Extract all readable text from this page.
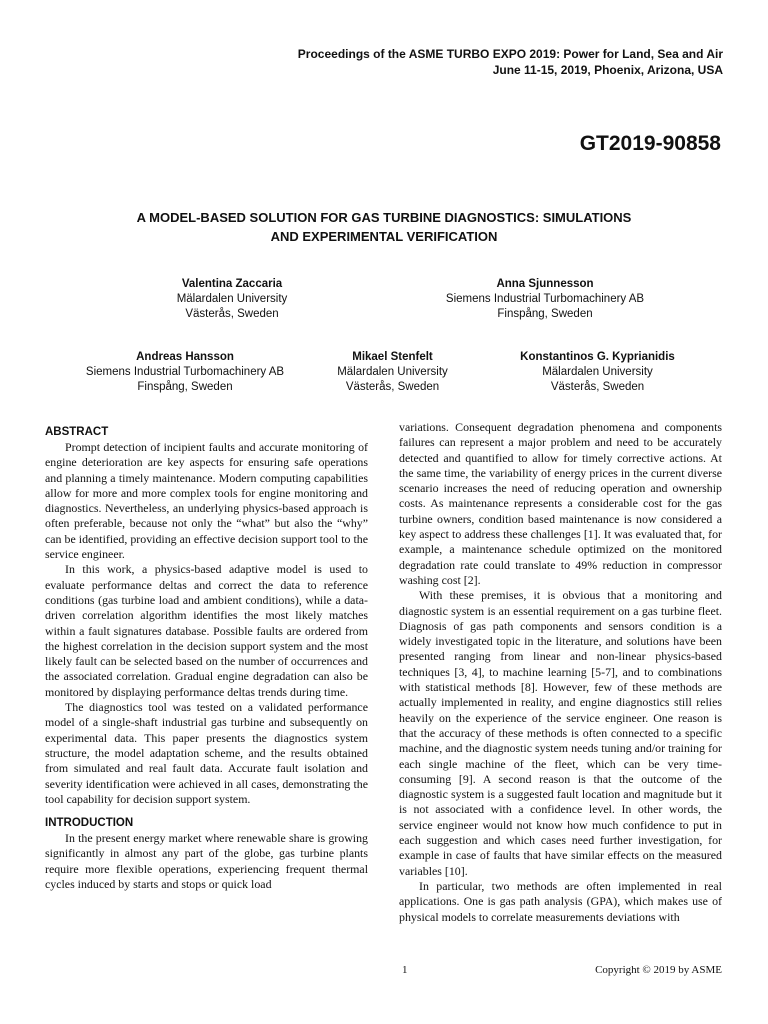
Proceedings of the ASME TURBO EXPO 2019: Power for Land, Sea and Air
June 11-15, 2019, Phoenix, Arizona, USA
GT2019-90858
A MODEL-BASED SOLUTION FOR GAS TURBINE DIAGNOSTICS: SIMULATIONS
AND EXPERIMENTAL VERIFICATION
Valentina Zaccaria
Mälardalen University
Västerås, Sweden
Anna Sjunnesson
Siemens Industrial Turbomachinery AB
Finspång, Sweden
Andreas Hansson
Siemens Industrial Turbomachinery AB
Finspång, Sweden
Mikael Stenfelt
Mälardalen University
Västerås, Sweden
Konstantinos G. Kyprianidis
Mälardalen University
Västerås, Sweden
ABSTRACT

Prompt detection of incipient faults and accurate monitoring of engine deterioration are key aspects for ensuring safe operations and planning a timely maintenance. Modern computing capabilities allow for more and more complex tools for engine monitoring and diagnostics. Nevertheless, an underlying physics-based approach is often preferable, because not only the “what” but also the “why” can be identified, providing an effective decision support tool to the service engineer.

In this work, a physics-based adaptive model is used to evaluate performance deltas and correct the data to reference conditions (gas turbine load and ambient conditions), while a data-driven correlation algorithm identifies the most likely matches within a fault signatures database. Possible faults are ordered from the highest correlation in the decision support system and the most likely fault can be selected based on the number of occurrences and the associated correlation. Gradual engine degradation can also be monitored by displaying performance deltas trends during time.

The diagnostics tool was tested on a validated performance model of a single-shaft industrial gas turbine and subsequently on experimental data. This paper presents the diagnostics system structure, the model adaptation scheme, and the results obtained from simulated and real fault data. Accurate fault isolation and severity identification were achieved in all cases, demonstrating the tool capability for decision support system.

INTRODUCTION

In the present energy market where renewable share is growing significantly in almost any part of the globe, gas turbine plants require more flexible operations, experiencing frequent thermal cycles induced by starts and stops or quick load

variations. Consequent degradation phenomena and components failures can represent a major problem and need to be accurately detected and quantified to allow for timely corrective actions. At the same time, the variability of energy prices in the current diverse scenario increases the need of reducing operation and ownership costs. As maintenance represents a considerable cost for the gas turbine owners, condition based maintenance is now considered a key aspect to address these challenges [1]. It was evaluated that, for example, a maintenance schedule optimized on the monitored degradation rate could translate to 49% reduction in compressor washing cost [2].

With these premises, it is obvious that a monitoring and diagnostic system is an essential requirement on a gas turbine fleet. Diagnosis of gas path components and sensors condition is a widely investigated topic in the literature, and solutions have been presented ranging from linear and non-linear physics-based techniques [3, 4], to machine learning [5-7], and to combinations with statistical methods [8]. However, few of these methods are actually implemented in reality, and engine diagnostics still relies heavily on the experience of the service engineer. One reason is that the accuracy of these methods is often connected to a specific machine, and the diagnostic system needs tuning and/or training for each single machine of the fleet, which can be very time-consuming [9]. A second reason is that the outcome of the diagnostic system is a suggested fault location and magnitude but it is not associated with a confidence level. In other words, the service engineer would not know how much confidence to put in each suggestion and which cases need further investigation, for example in case of faults that have similar effects on the measured variables [10].

In particular, two methods are often implemented in real applications. One is gas path analysis (GPA), which makes use of physical models to correlate measurements deviations with

1	Copyright © 2019 by ASME
